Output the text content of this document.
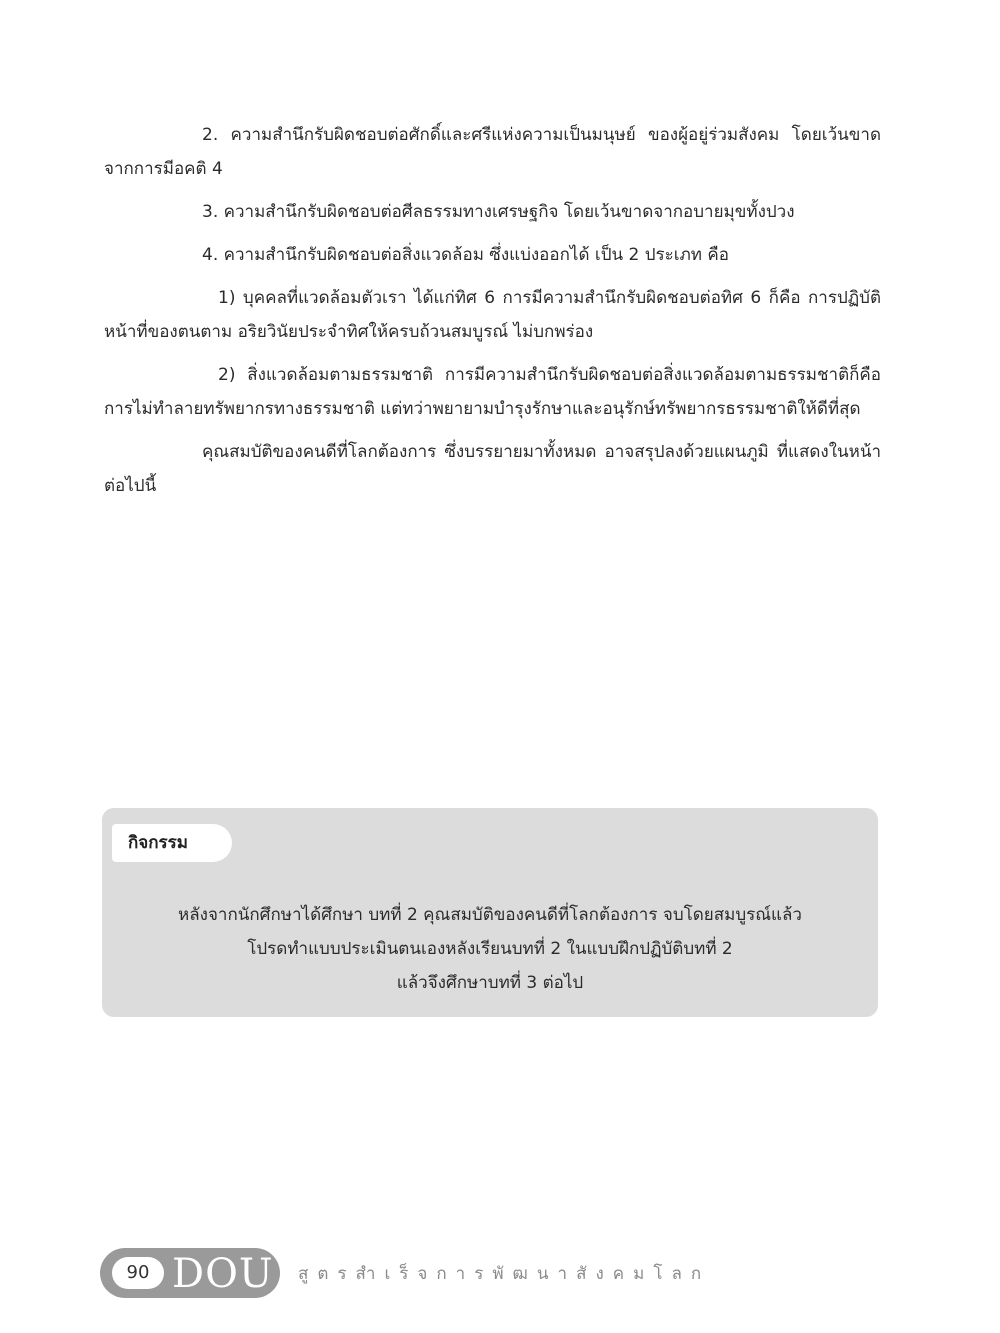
2. ความสำนึกรับผิดชอบต่อศักดิ์และศรีแห่งความเป็นมนุษย์ ของผู้อยู่ร่วมสังคม โดยเว้นขาดจากการมีอคติ 4

3. ความสำนึกรับผิดชอบต่อศีลธรรมทางเศรษฐกิจ โดยเว้นขาดจากอบายมุขทั้งปวง

4. ความสำนึกรับผิดชอบต่อสิ่งแวดล้อม ซึ่งแบ่งออกได้ เป็น 2 ประเภท คือ

1) บุคคลที่แวดล้อมตัวเรา ได้แก่ทิศ 6 การมีความสำนึกรับผิดชอบต่อทิศ 6 ก็คือ การปฏิบัติหน้าที่ของตนตาม อริยวินัยประจำทิศให้ครบถ้วนสมบูรณ์ ไม่บกพร่อง

2) สิ่งแวดล้อมตามธรรมชาติ การมีความสำนึกรับผิดชอบต่อสิ่งแวดล้อมตามธรรมชาติก็คือการไม่ทำลายทรัพยากรทางธรรมชาติ แต่ทว่าพยายามบำรุงรักษาและอนุรักษ์ทรัพยากรธรรมชาติให้ดีที่สุด

คุณสมบัติของคนดีที่โลกต้องการ ซึ่งบรรยายมาทั้งหมด อาจสรุปลงด้วยแผนภูมิ ที่แสดงในหน้าต่อไปนี้

กิจกรรม
หลังจากนักศึกษาได้ศึกษา บทที่ 2 คุณสมบัติของคนดีที่โลกต้องการ จบโดยสมบูรณ์แล้ว
โปรดทำแบบประเมินตนเองหลังเรียนบทที่ 2 ในแบบฝึกปฏิบัติบทที่ 2
แล้วจึงศึกษาบทที่ 3 ต่อไป
90 DOU สูตรสำเร็จการพัฒนาสังคมโลก
